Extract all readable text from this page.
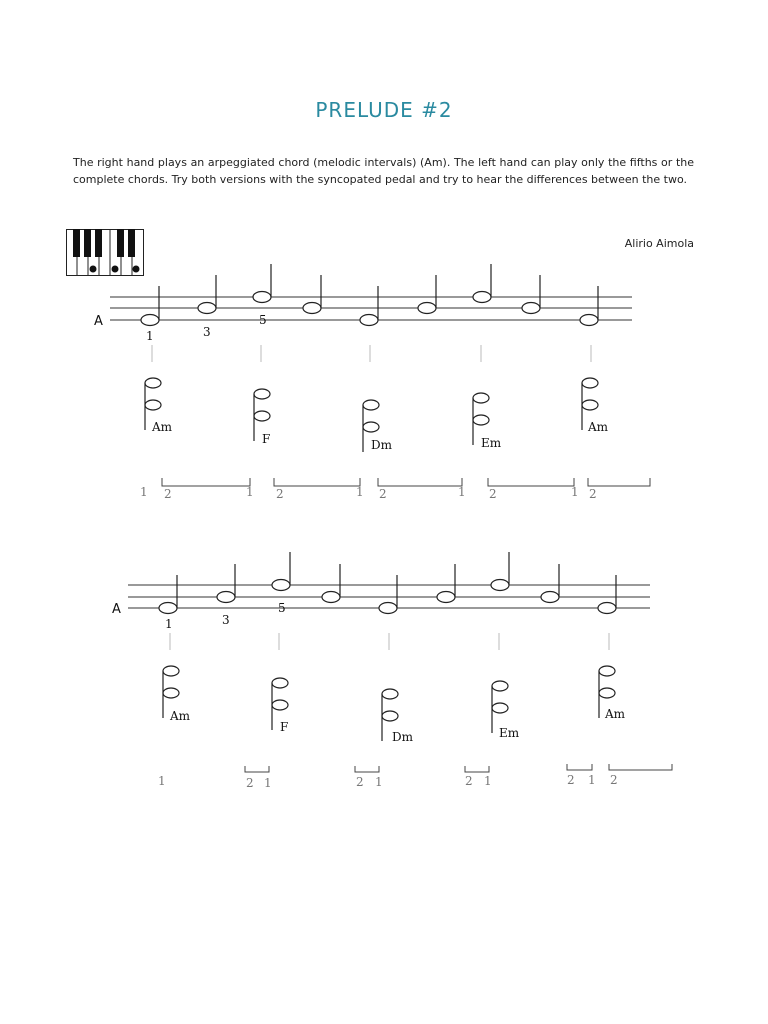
PRELUDE #2

The right hand plays an arpeggiated chord (melodic intervals) (Am). The left hand can play only the fifths or the complete chords. Try both versions with the syncopated pedal and try to hear the differences between the two.

Alirio Aimola
A
1	3
5
Am
F	Dm	Em
Am
1 2	1 2	1 2	1 2	1 2
A
1	3
5
Am
F
Dm	Em
Am
1	2 1	2 1	2 1	2 1 2
